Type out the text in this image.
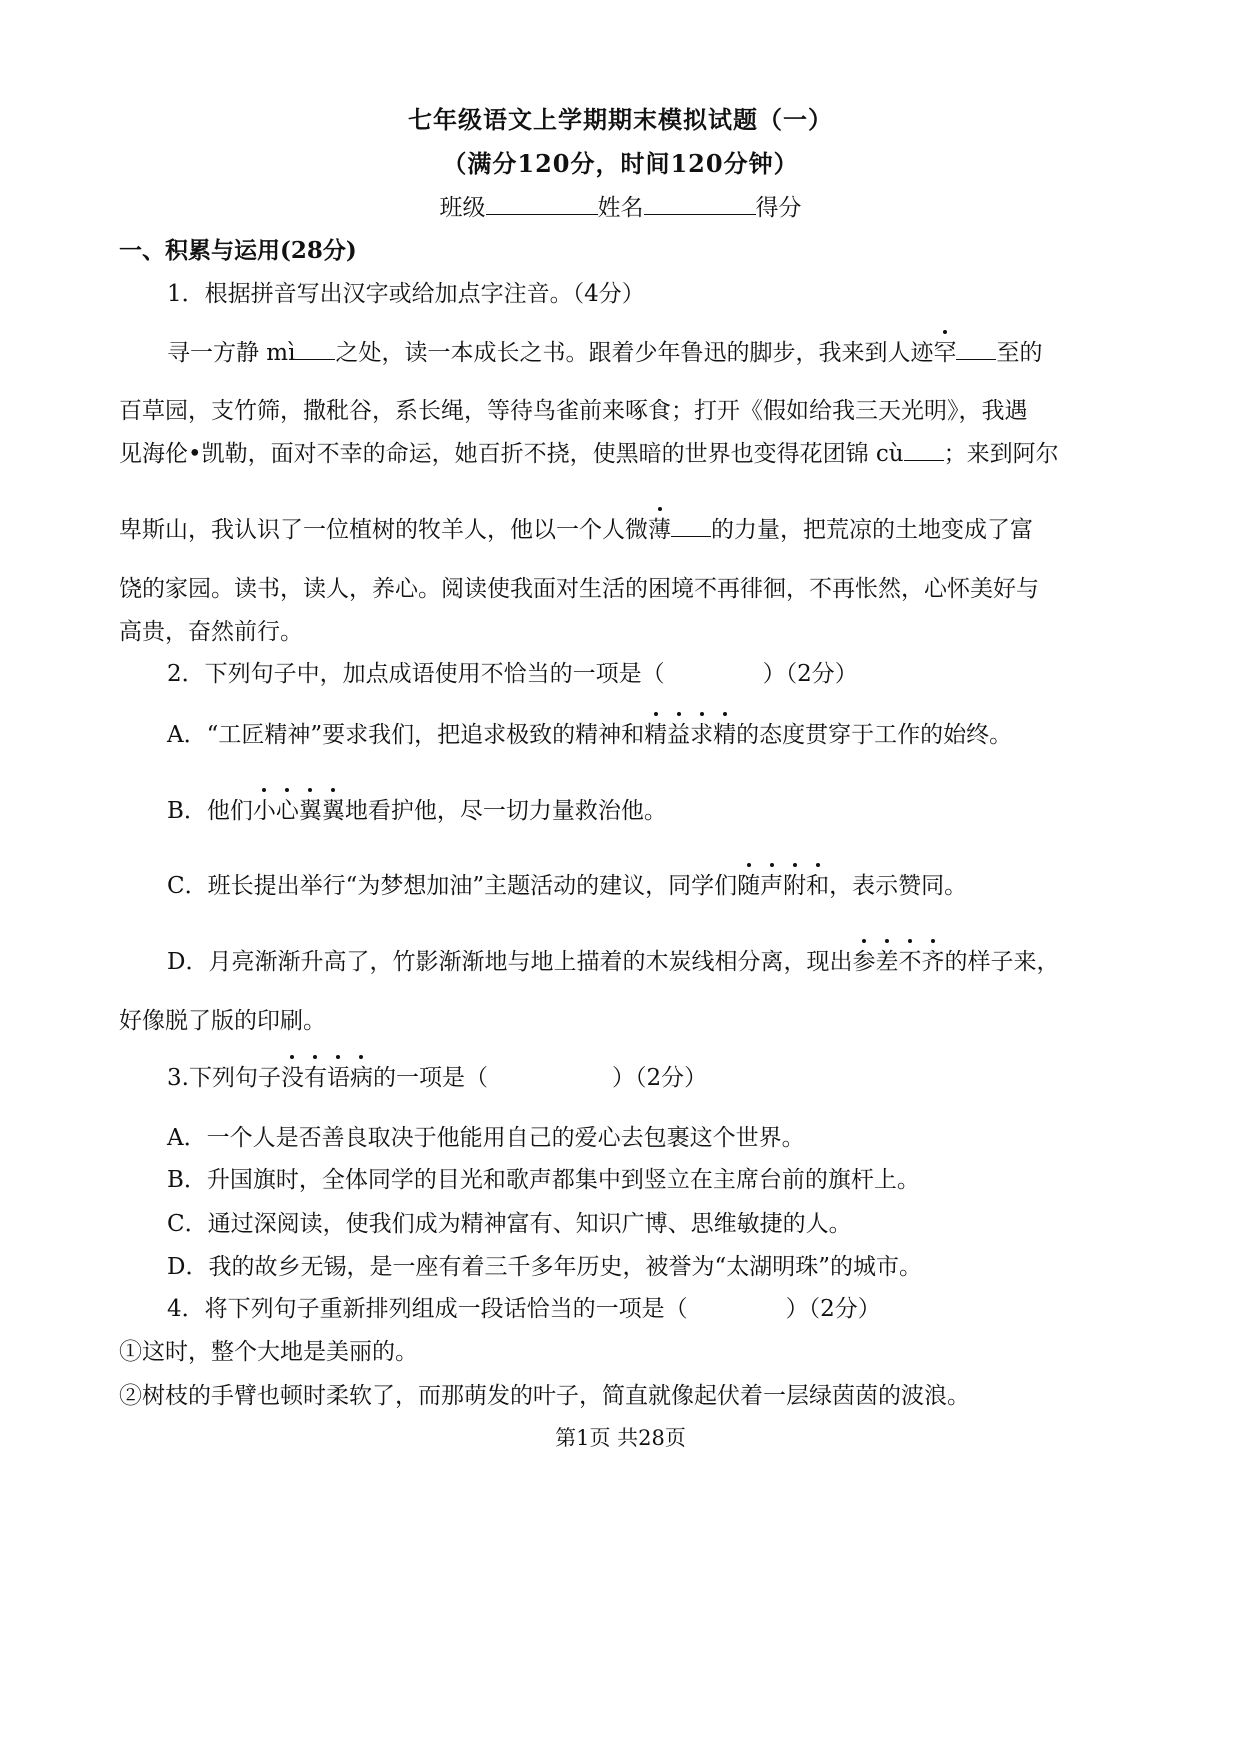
七年级语文上学期期末模拟试题（一）
（满分120分，时间120分钟）
班级	姓名	得分
一、积累与运用(28分)
1．根据拼音写出汉字或给加点字注音。（4分）
寻一方静 mì 之处，读一本成长之书。跟着少年鲁迅的脚步，我来到人迹罕 至的
百草园，支竹筛，撒秕谷，系长绳，等待鸟雀前来啄食；打开《假如给我三天光明》，我遇
见海伦•凯勒，面对不幸的命运，她百折不挠，使黑暗的世界也变得花团锦 cù ；来到阿尔
卑斯山，我认识了一位植树的牧羊人，他以一个人微薄 的力量，把荒凉的土地变成了富
饶的家园。读书，读人，养心。阅读使我面对生活的困境不再徘徊，不再怅然，心怀美好与
高贵，奋然前行。
2．下列句子中，加点成语使用不恰当的一项是（	）（2分）
A．“工匠精神”要求我们，把追求极致的精神和精益求精的态度贯穿于工作的始终。
B．他们小心翼翼地看护他，尽一切力量救治他。
C．班长提出举行“为梦想加油”主题活动的建议，同学们随声附和，表示赞同。
D．月亮渐渐升高了，竹影渐渐地与地上描着的木炭线相分离，现出参差不齐的样子来，
好像脱了版的印刷。
3.下列句子没有语病的一项是（	）（2分）
A．一个人是否善良取决于他能用自己的爱心去包裹这个世界。
B．升国旗时，全体同学的目光和歌声都集中到竖立在主席台前的旗杆上。
C．通过深阅读，使我们成为精神富有、知识广博、思维敏捷的人。
D．我的故乡无锡，是一座有着三千多年历史，被誉为“太湖明珠”的城市。
4．将下列句子重新排列组成一段话恰当的一项是（	）（2分）
①这时，整个大地是美丽的。
②树枝的手臂也顿时柔软了，而那萌发的叶子，简直就像起伏着一层绿茵茵的波浪。
第1页 共28页
